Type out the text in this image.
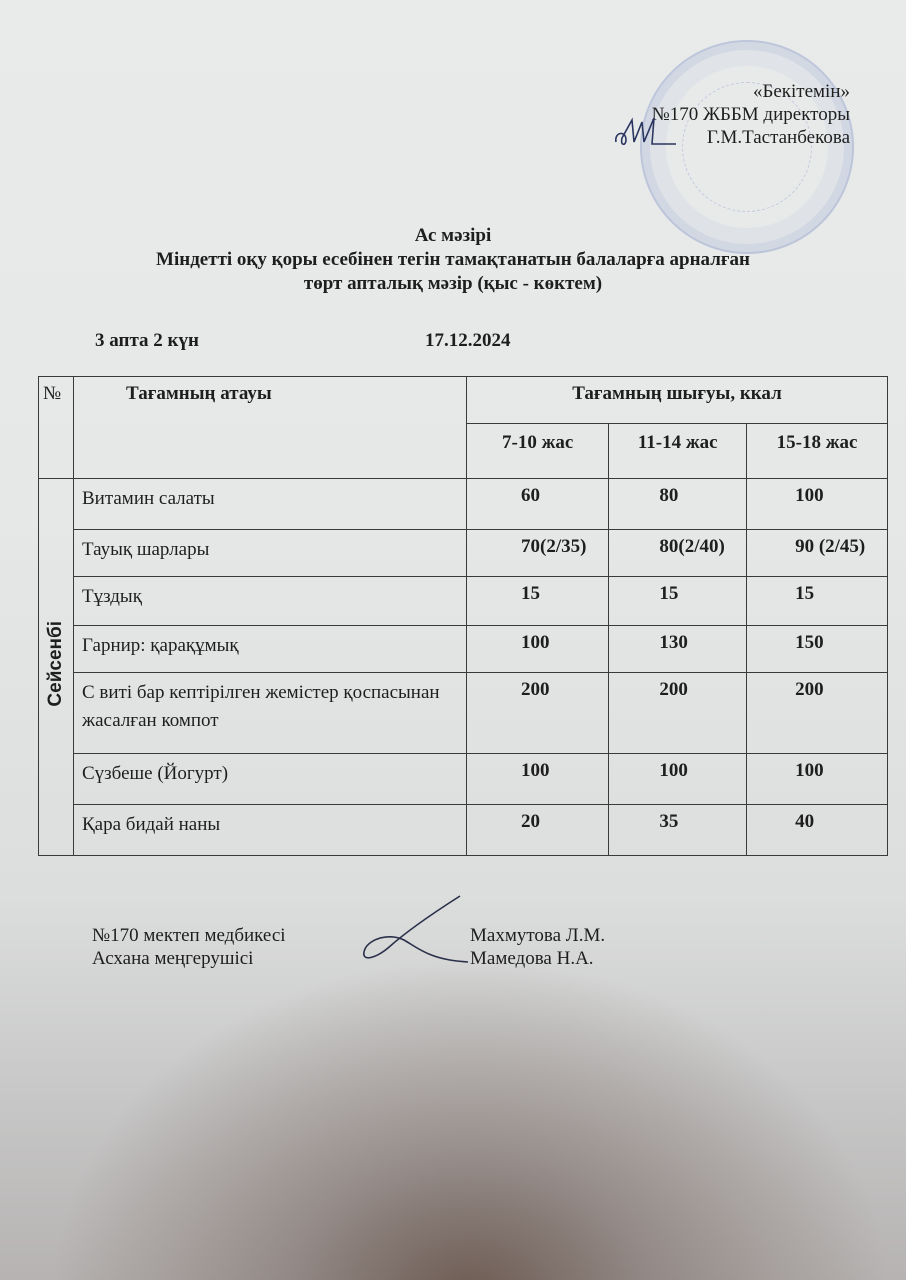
«Бекітемін»
№170 ЖББМ директоры
Г.М.Тастанбекова
Ас мәзірі
Міндетті оқу қоры есебінен тегін тамақтанатын балаларға арналған
төрт апталық мәзір (қыс - көктем)
3 апта 2 күн	17.12.2024
№	Тағамның атауы	Тағамның шығуы, ккал		
		7-10 жас	11-14 жас	15-18 жас
Сейсенбі	Витамин салаты	60	80	100
	Тауық шарлары	70(2/35)	80(2/40)	90 (2/45)
	Тұздық	15	15	15
	Гарнир: қарақұмық	100	130	150
	С виті бар кептірілген жемістер қоспасынан жасалған компот	200	200	200
	Сүзбеше (Йогурт)	100	100	100
	Қара бидай наны	20	35	40
№170 мектеп медбикесі
Асхана меңгерушісі
Махмутова Л.М.
Мамедова Н.А.
